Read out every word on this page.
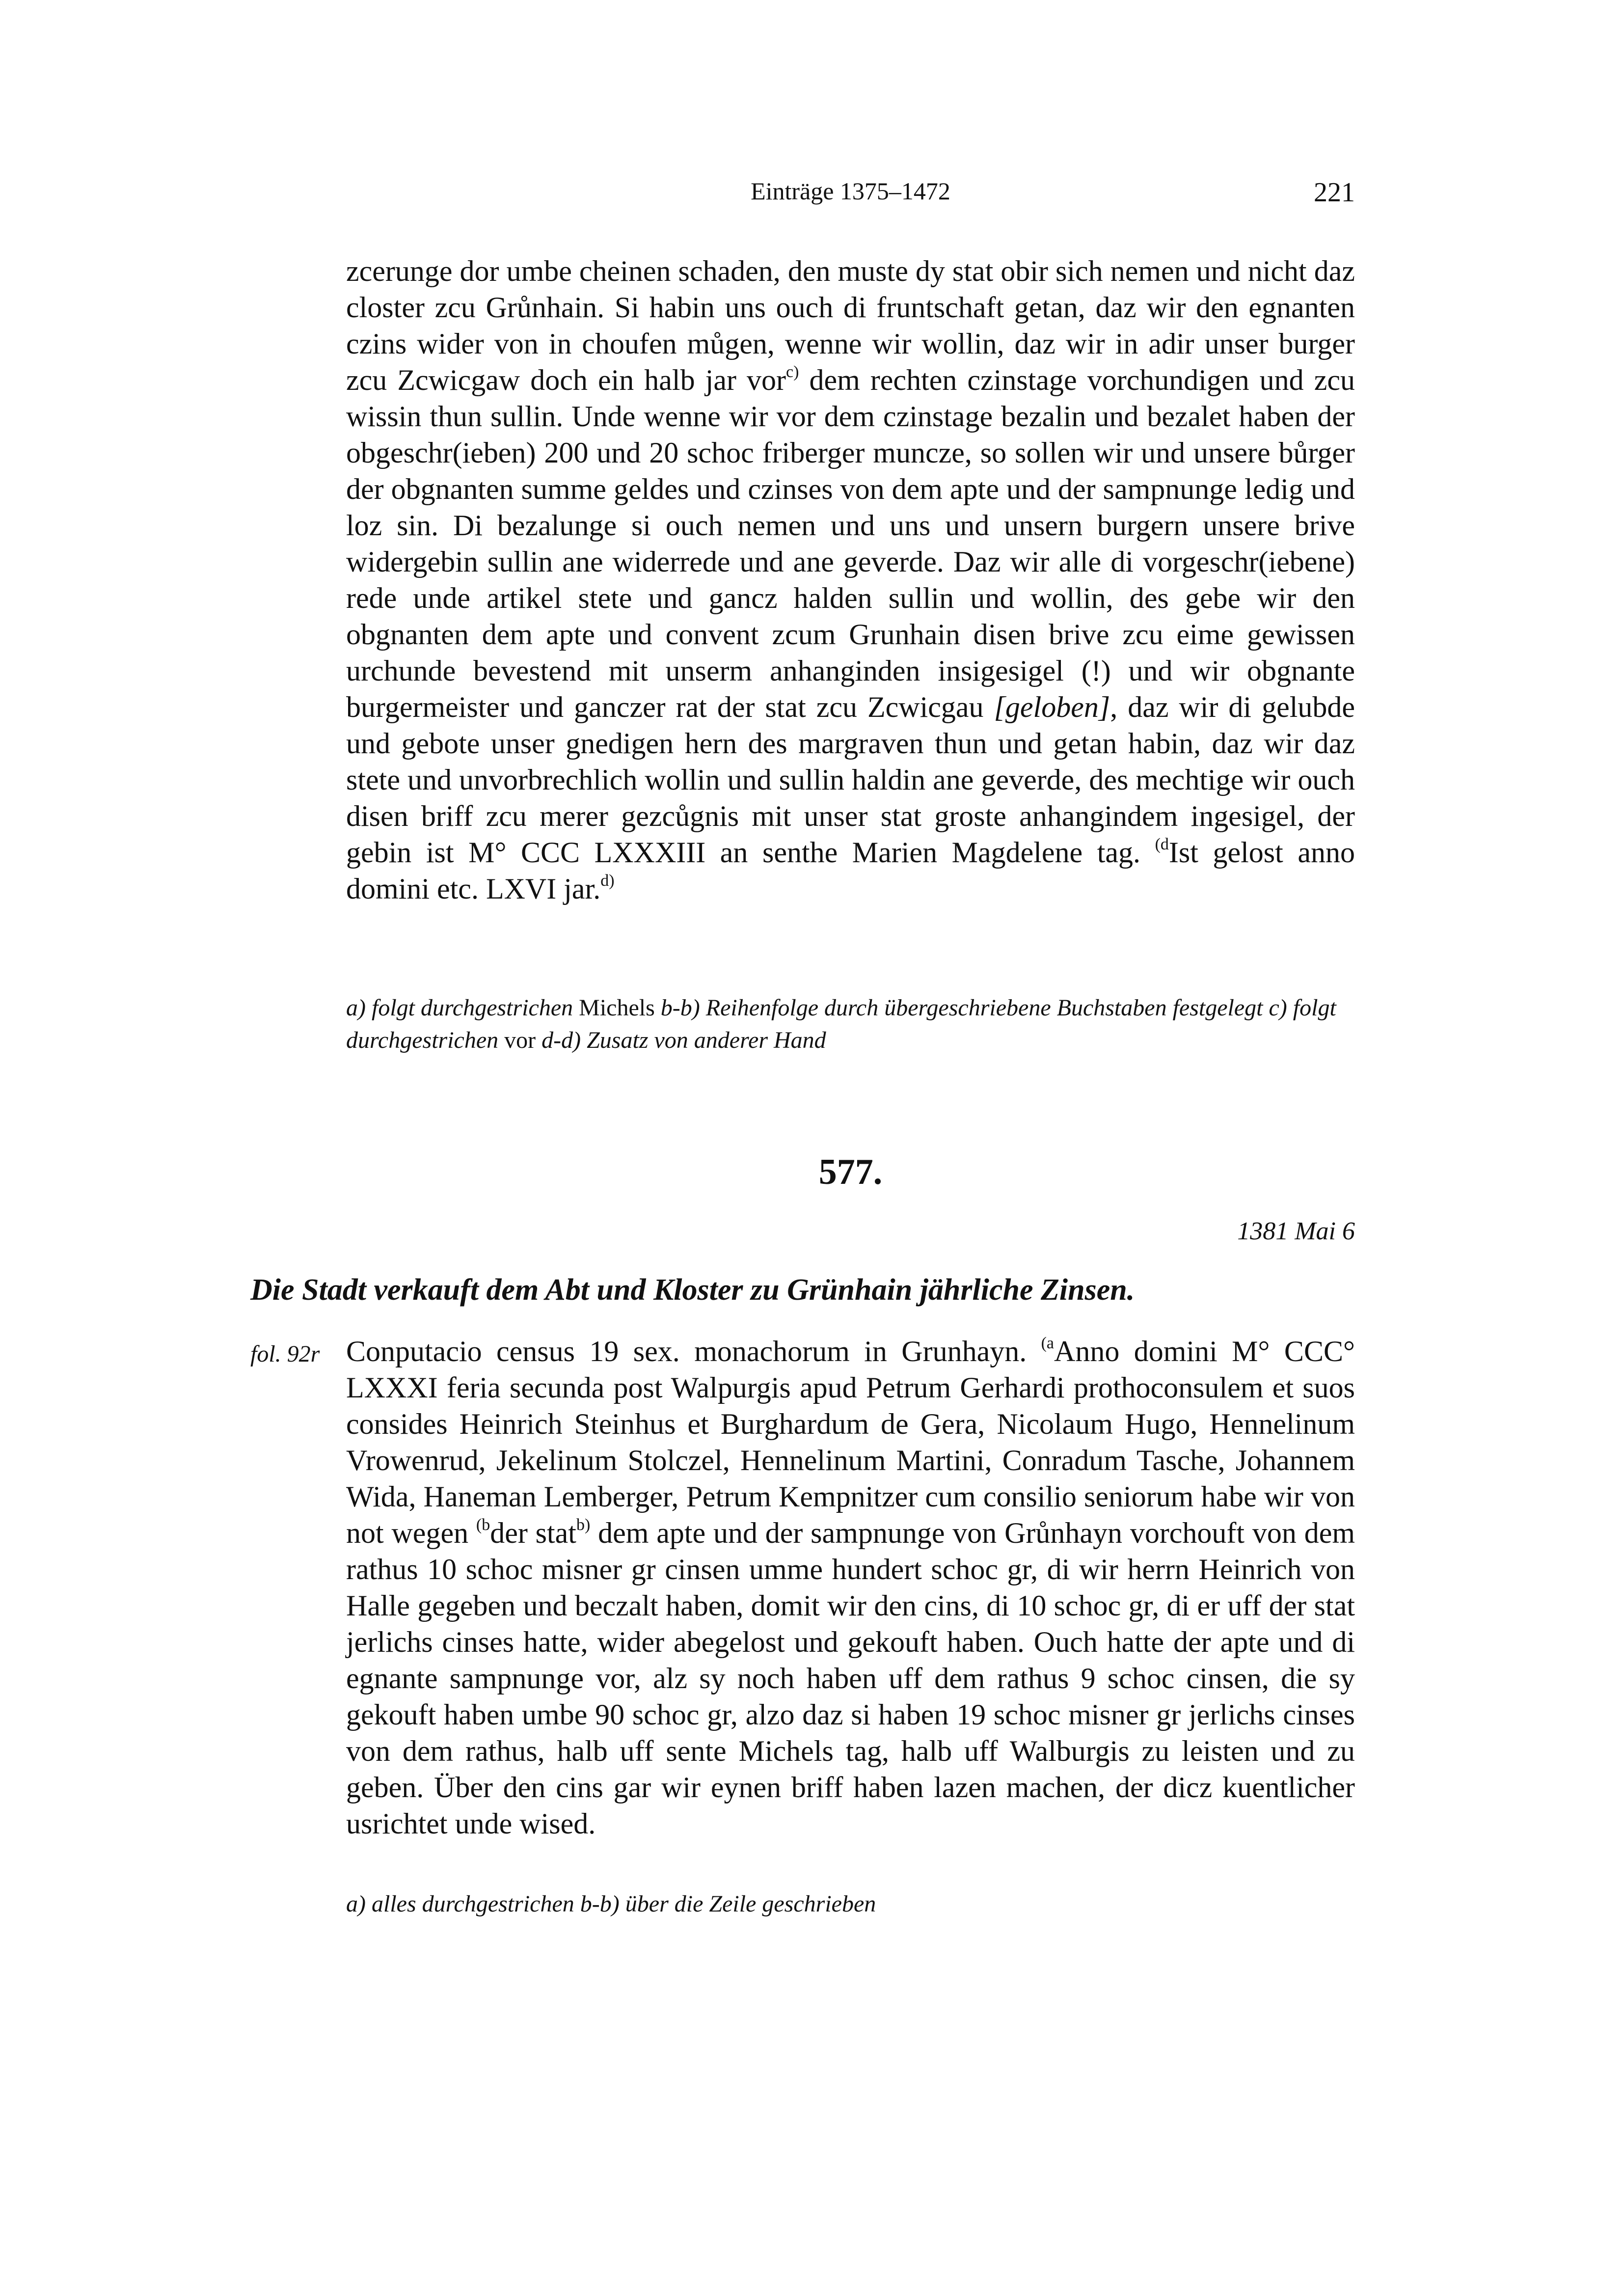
Einträge 1375–1472	221

zcerunge dor umbe cheinen schaden, den muste dy stat obir sich nemen und nicht daz closter zcu Grůnhain. Si habin uns ouch di fruntschaft getan, daz wir den egnanten czins wider von in choufen můgen, wenne wir wollin, daz wir in adir unser burger zcu Zcwicgaw doch ein halb jar vor$^{c)}$ dem rechten czinstage vorchundigen und zcu wissin thun sullin. Unde wenne wir vor dem czinstage bezalin und bezalet haben der obgeschr(ieben) 200 und 20 schoc friberger muncze, so sollen wir und unsere bůrger der obgnanten summe geldes und czinses von dem apte und der sampnunge ledig und loz sin. Di bezalunge si ouch nemen und uns und unsern burgern unsere brive widergebin sullin ane widerrede und ane geverde. Daz wir alle di vorgeschr(iebene) rede unde artikel stete und gancz halden sullin und wollin, des gebe wir den obgnanten dem apte und convent zcum Grunhain disen brive zcu eime gewissen urchunde bevestend mit unserm anhanginden insigesigel (!) und wir obgnante burgermeister und ganczer rat der stat zcu Zcwicgau [geloben], daz wir di gelubde und gebote unser gnedigen hern des margraven thun und getan habin, daz wir daz stete und unvorbrechlich wollin und sullin haldin ane geverde, des mechtige wir ouch disen briff zcu merer gezcůgnis mit unser stat groste anhangindem ingesigel, der gebin ist M° CCC LXXXIII an senthe Marien Magdelene tag. $^{(d}$Ist gelost anno domini etc. LXVI jar.$^{d)}$

a) folgt durchgestrichen Michels b-b) Reihenfolge durch übergeschriebene Buchstaben festgelegt c) folgt durchgestrichen vor d-d) Zusatz von anderer Hand
577.
1381 Mai 6
Die Stadt verkauft dem Abt und Kloster zu Grünhain jährliche Zinsen.
fol. 92r Conputacio census 19 sex. monachorum in Grunhayn. $^{(a}$Anno domini M° CCC° LXXXI feria secunda post Walpurgis apud Petrum Gerhardi prothoconsulem et suos consides Heinrich Steinhus et Burghardum de Gera, Nicolaum Hugo, Hennelinum Vrowenrud, Jekelinum Stolczel, Hennelinum Martini, Conradum Tasche, Johannem Wida, Haneman Lemberger, Petrum Kempnitzer cum consilio seniorum habe wir von not wegen $^{(b}$der stat$^{b)}$ dem apte und der sampnunge von Grůnhayn vorchouft von dem rathus 10 schoc misner gr cinsen umme hundert schoc gr, di wir herrn Heinrich von Halle gegeben und beczalt haben, domit wir den cins, di 10 schoc gr, di er uff der stat jerlichs cinses hatte, wider abegelost und gekouft haben. Ouch hatte der apte und di egnante sampnunge vor, alz sy noch haben uff dem rathus 9 schoc cinsen, die sy gekouft haben umbe 90 schoc gr, alzo daz si haben 19 schoc misner gr jerlichs cinses von dem rathus, halb uff sente Michels tag, halb uff Walburgis zu leisten und zu geben. Über den cins gar wir eynen briff haben lazen machen, der dicz kuentlicher usrichtet unde wised.

a) alles durchgestrichen b-b) über die Zeile geschrieben
